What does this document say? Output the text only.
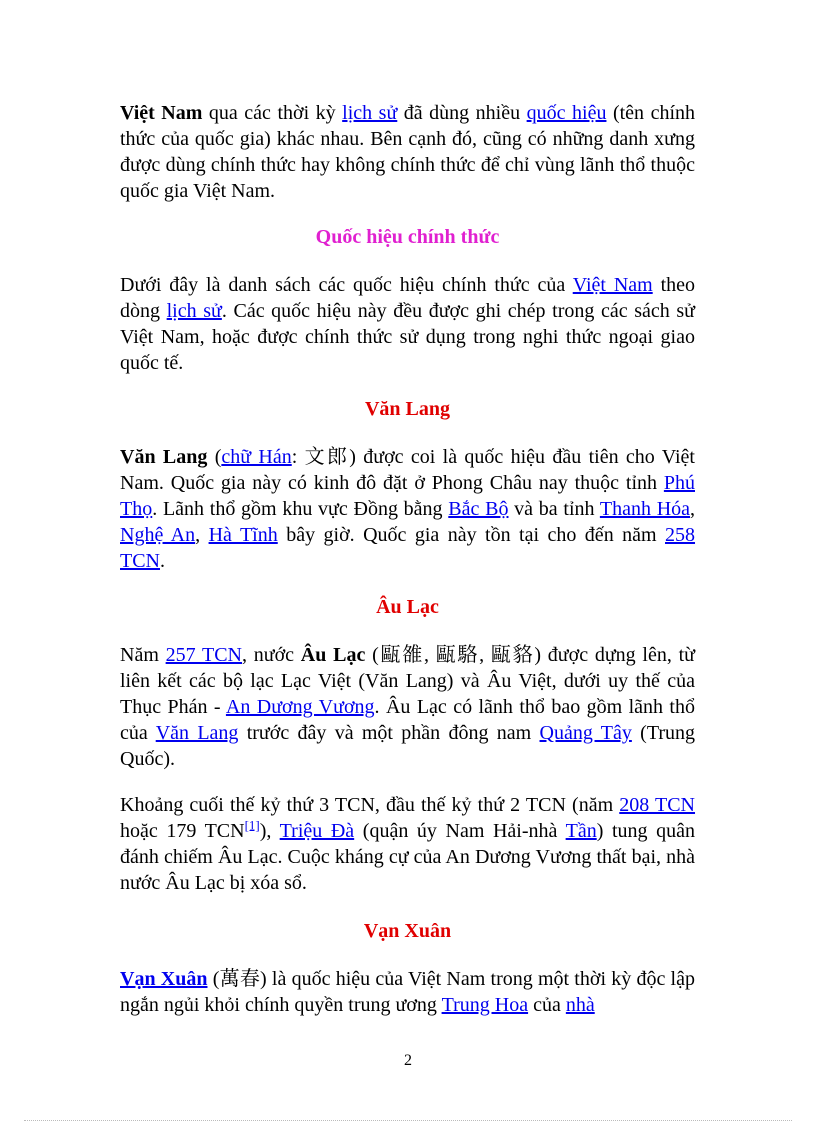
Việt Nam qua các thời kỳ lịch sử đã dùng nhiều quốc hiệu (tên chính thức của quốc gia) khác nhau. Bên cạnh đó, cũng có những danh xưng được dùng chính thức hay không chính thức để chỉ vùng lãnh thổ thuộc quốc gia Việt Nam.

Quốc hiệu chính thức

Dưới đây là danh sách các quốc hiệu chính thức của Việt Nam theo dòng lịch sử. Các quốc hiệu này đều được ghi chép trong các sách sử Việt Nam, hoặc được chính thức sử dụng trong nghi thức ngoại giao quốc tế.

Văn Lang

Văn Lang (chữ Hán: 文郎) được coi là quốc hiệu đầu tiên cho Việt Nam. Quốc gia này có kinh đô đặt ở Phong Châu nay thuộc tỉnh Phú Thọ. Lãnh thổ gồm khu vực Đồng bằng Bắc Bộ và ba tỉnh Thanh Hóa, Nghệ An, Hà Tĩnh bây giờ. Quốc gia này tồn tại cho đến năm 258 TCN.

Âu Lạc

Năm 257 TCN, nước Âu Lạc (甌雒, 甌駱, 甌貉) được dựng lên, từ liên kết các bộ lạc Lạc Việt (Văn Lang) và Âu Việt, dưới uy thế của Thục Phán - An Dương Vương. Âu Lạc có lãnh thổ bao gồm lãnh thổ của Văn Lang trước đây và một phần đông nam Quảng Tây (Trung Quốc).

Khoảng cuối thế kỷ thứ 3 TCN, đầu thế kỷ thứ 2 TCN (năm 208 TCN hoặc 179 TCN[1]), Triệu Đà (quận úy Nam Hải-nhà Tần) tung quân đánh chiếm Âu Lạc. Cuộc kháng cự của An Dương Vương thất bại, nhà nước Âu Lạc bị xóa sổ.

Vạn Xuân

Vạn Xuân (萬春) là quốc hiệu của Việt Nam trong một thời kỳ độc lập ngắn ngủi khỏi chính quyền trung ương Trung Hoa của nhà

2
